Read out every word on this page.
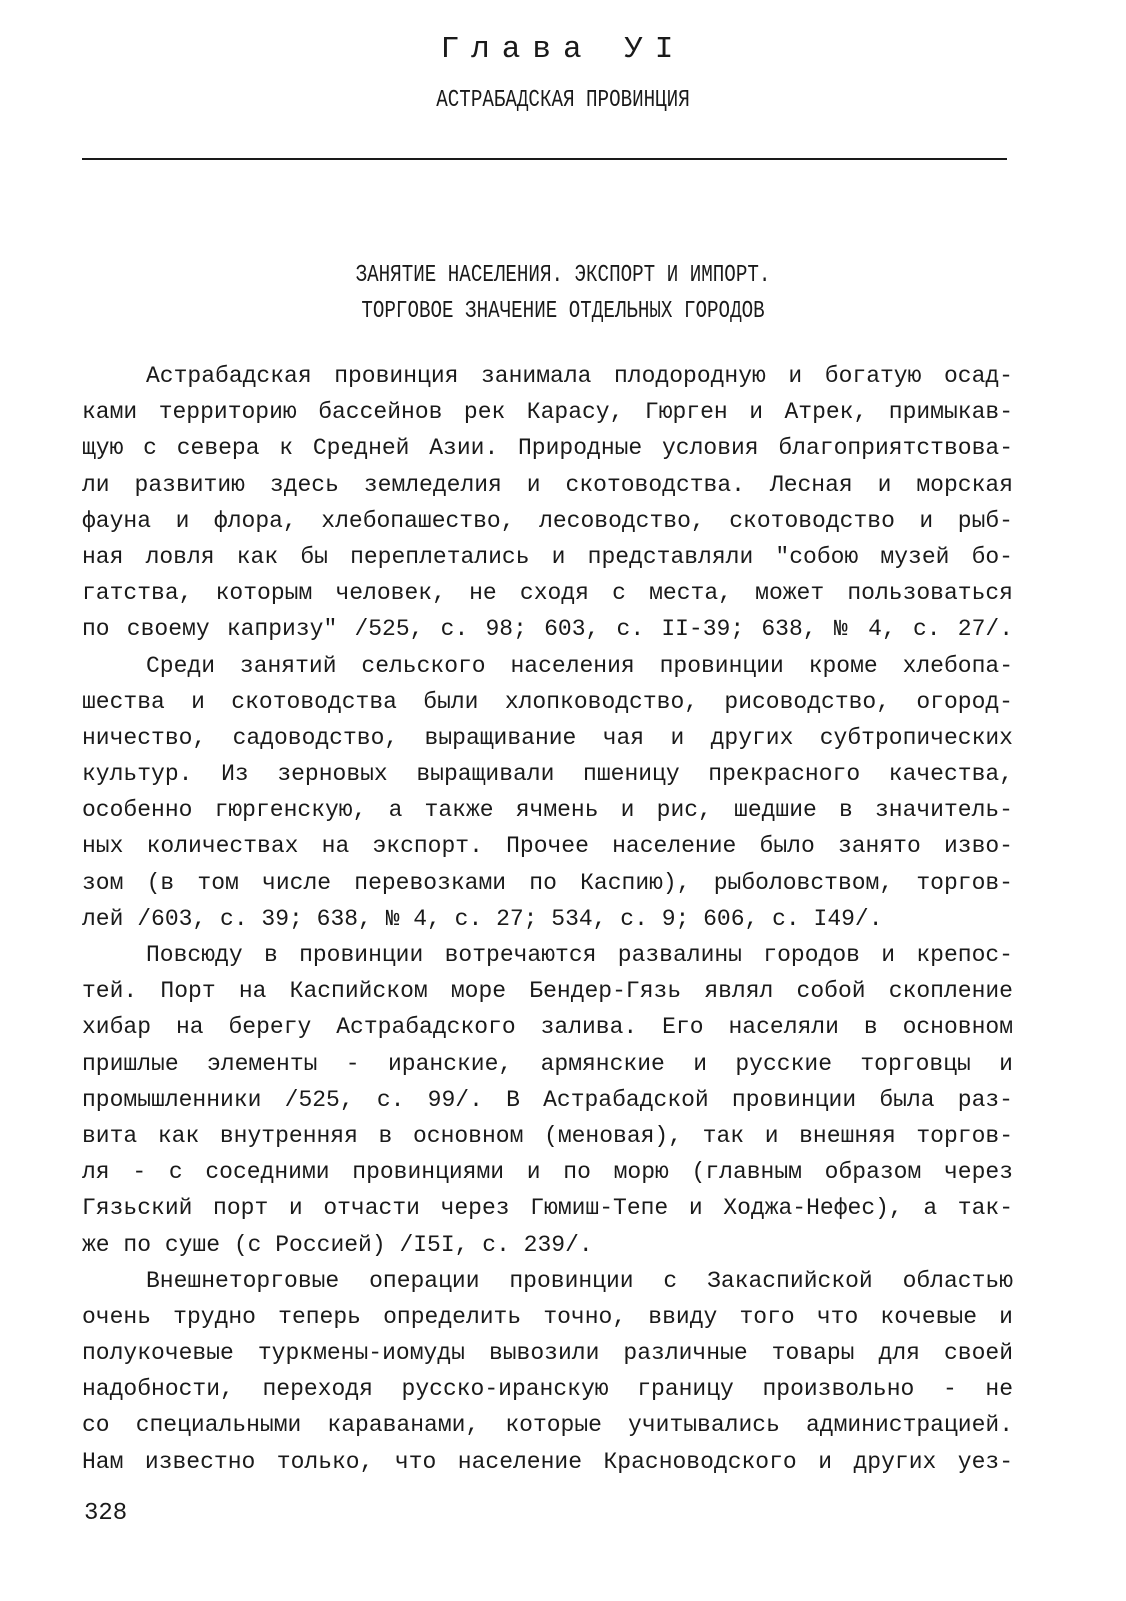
Глава УI
АСТРАБАДСКАЯ ПРОВИНЦИЯ
ЗАНЯТИЕ НАСЕЛЕНИЯ. ЭКСПОРТ И ИМПОРТ.
ТОРГОВОЕ ЗНАЧЕНИЕ ОТДЕЛЬНЫХ ГОРОДОВ
Астрабадская провинция занимала плодородную и богатую осад-
ками территорию бассейнов рек Карасу, Гюрген и Атрек, примыкав-
щую с севера к Средней Азии. Природные условия благоприятствова-
ли развитию здесь земледелия и скотоводства. Лесная и морская
фауна и флора, хлебопашество, лесоводство, скотоводство и рыб-
ная ловля как бы переплетались и представляли "собою музей бо-
гатства, которым человек, не сходя с места, может пользоваться
по своему капризу" /525, с. 98; 603, с. II-39; 638, № 4, с. 27/.
Среди занятий сельского населения провинции кроме хлебопа-
шества и скотоводства были хлопководство, рисоводство, огород-
ничество, садоводство, выращивание чая и других субтропических
культур. Из зерновых выращивали пшеницу прекрасного качества,
особенно гюргенскую, а также ячмень и рис, шедшие в значитель-
ных количествах на экспорт. Прочее население было занято изво-
зом (в том числе перевозками по Каспию), рыболовством, торгов-
лей /603, с. 39; 638, № 4, с. 27; 534, с. 9; 606, с. I49/.
Повсюду в провинции вотречаются развалины городов и крепос-
тей. Порт на Каспийском море Бендер-Гязь являл собой скопление
хибар на берегу Астрабадского залива. Его населяли в основном
пришлые элементы - иранские, армянские и русские торговцы и
промышленники /525, с. 99/. В Астрабадской провинции была раз-
вита как внутренняя в основном (меновая), так и внешняя торгов-
ля - с соседними провинциями и по морю (главным образом через
Гязьский порт и отчасти через Гюмиш-Тепе и Ходжа-Нефес), а так-
же по суше (с Россией) /I5I, с. 239/.
Внешнеторговые операции провинции с Закаспийской областью
очень трудно теперь определить точно, ввиду того что кочевые и
полукочевые туркмены-иомуды вывозили различные товары для своей
надобности, переходя русско-иранскую границу произвольно - не
со специальными караванами, которые учитывались администрацией.
Нам известно только, что население Красноводского и других уез-
328
